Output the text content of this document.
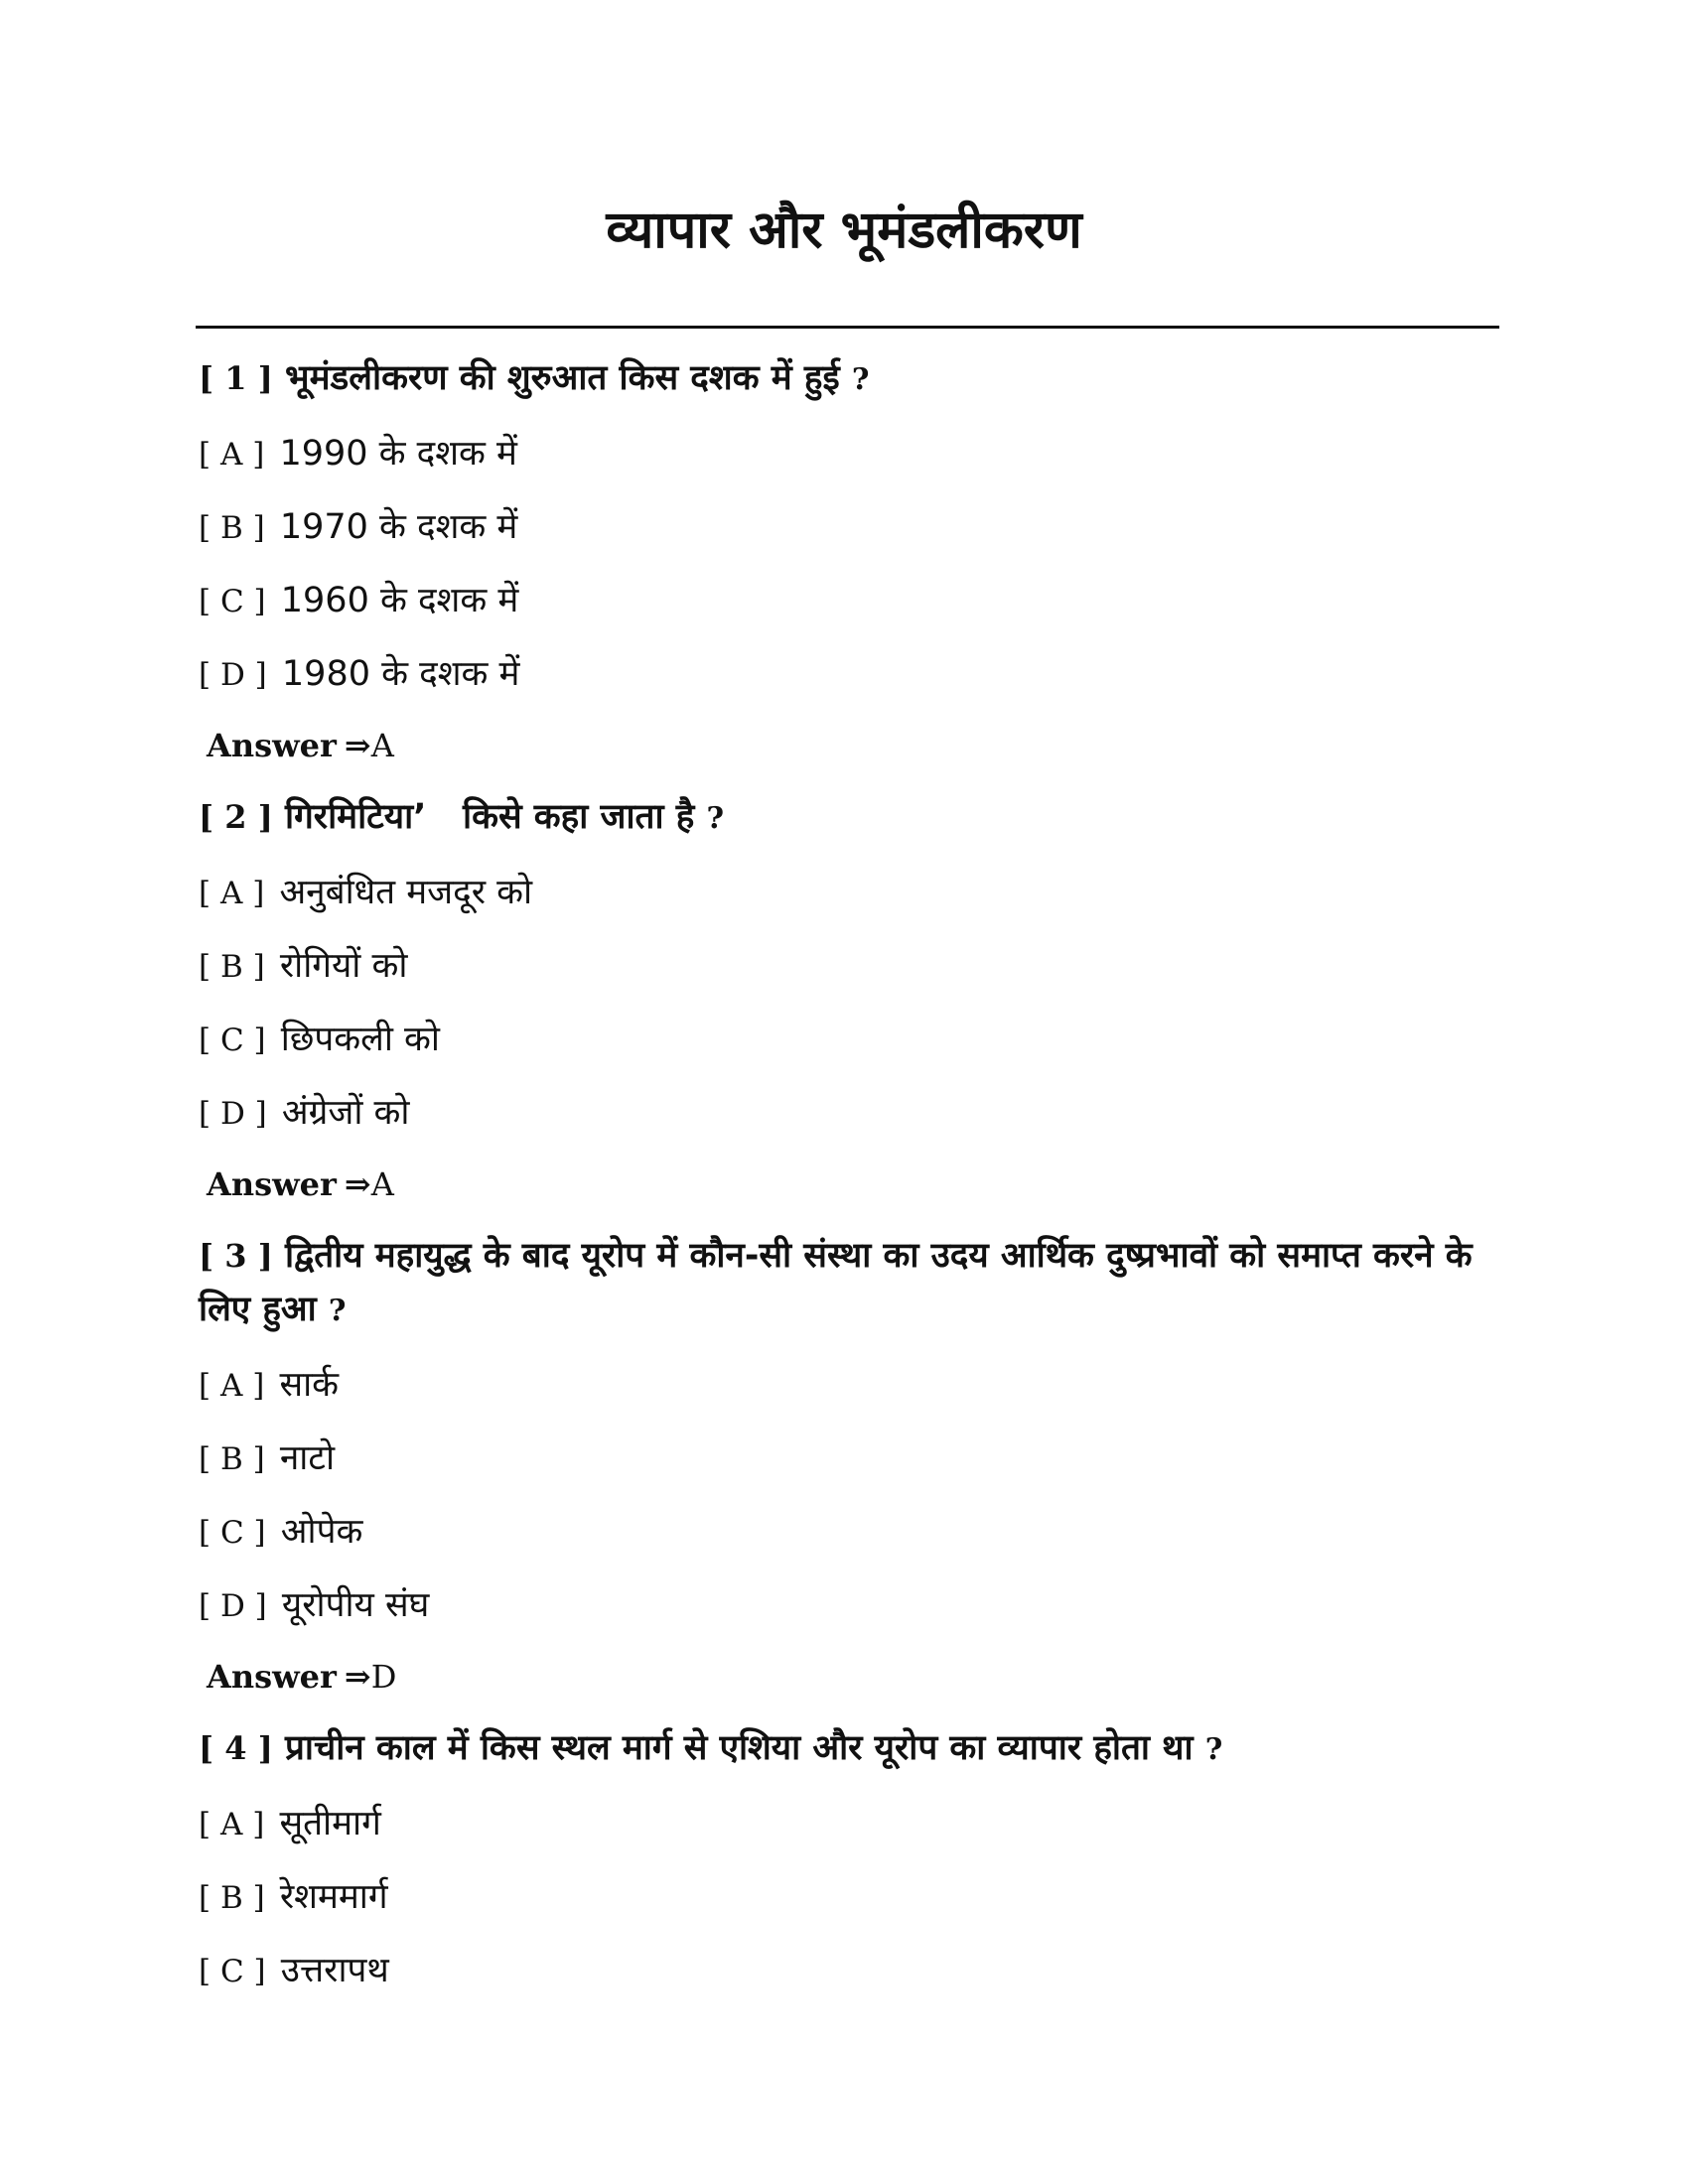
व्यापार और भूमंडलीकरण

[ 1 ] भूमंडलीकरण की शुरुआत किस दशक में हुई ?

[ A ] 1990 के दशक में

[ B ] 1970 के दशक में

[ C ] 1960 के दशक में

[ D ] 1980 के दशक में

Answer ⇒A

[ 2 ] गिरमिटिया’   किसे कहा जाता है ?

[ A ] अनुबंधित मजदूर को

[ B ] रोगियों को

[ C ] छिपकली को

[ D ] अंग्रेजों को

Answer ⇒A

[ 3 ] द्वितीय महायुद्ध के बाद यूरोप में कौन-सी संस्था का उदय आर्थिक दुष्प्रभावों को समाप्त करने के लिए हुआ ?

[ A ] सार्क

[ B ] नाटो

[ C ] ओपेक

[ D ] यूरोपीय संघ

Answer ⇒D

[ 4 ] प्राचीन काल में किस स्थल मार्ग से एशिया और यूरोप का व्यापार होता था ?

[ A ] सूतीमार्ग

[ B ] रेशममार्ग

[ C ] उत्तरापथ
